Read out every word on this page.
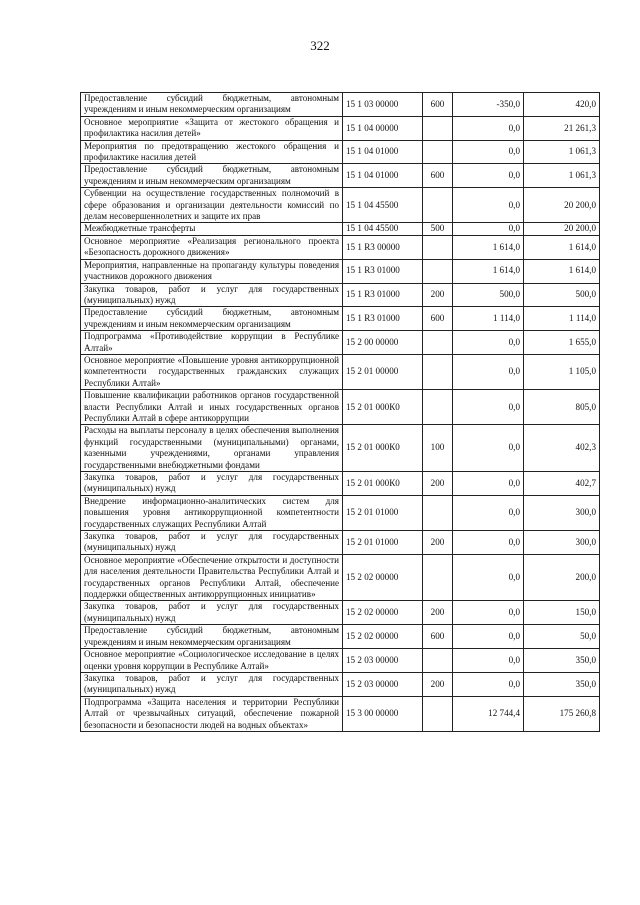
322
Предоставление субсидий бюджетным, автономным учреждениям и иным некоммерческим организациям	15 1 03 00000	600	-350,0	420,0
Основное мероприятие «Защита от жестокого обращения и профилактика насилия детей»	15 1 04 00000		0,0	21 261,3
Мероприятия по предотвращению жестокого обращения и профилактике насилия детей	15 1 04 01000		0,0	1 061,3
Предоставление субсидий бюджетным, автономным учреждениям и иным некоммерческим организациям	15 1 04 01000	600	0,0	1 061,3
Субвенции на осуществление государственных полномочий в сфере образования и организации деятельности комиссий по делам несовершеннолетних и защите их прав	15 1 04 45500		0,0	20 200,0
Межбюджетные трансферты	15 1 04 45500	500	0,0	20 200,0
Основное мероприятие «Реализация регионального проекта «Безопасность дорожного движения»	15 1 R3 00000		1 614,0	1 614,0
Мероприятия, направленные на пропаганду культуры поведения участников дорожного движения	15 1 R3 01000		1 614,0	1 614,0
Закупка товаров, работ и услуг для государственных (муниципальных) нужд	15 1 R3 01000	200	500,0	500,0
Предоставление субсидий бюджетным, автономным учреждениям и иным некоммерческим организациям	15 1 R3 01000	600	1 114,0	1 114,0
Подпрограмма «Противодействие коррупции в Республике Алтай»	15 2 00 00000		0,0	1 655,0
Основное мероприятие «Повышение уровня антикоррупционной компетентности государственных гражданских служащих Республики Алтай»	15 2 01 00000		0,0	1 105,0
Повышение квалификации работников органов государственной власти Республики Алтай и иных государственных органов Республики Алтай в сфере антикоррупции	15 2 01 000К0		0,0	805,0
Расходы на выплаты персоналу в целях обеспечения выполнения функций государственными (муниципальными) органами, казенными учреждениями, органами управления государственными внебюджетными фондами	15 2 01 000К0	100	0,0	402,3
Закупка товаров, работ и услуг для государственных (муниципальных) нужд	15 2 01 000К0	200	0,0	402,7
Внедрение информационно-аналитических систем для повышения уровня антикоррупционной компетентности государственных служащих Республики Алтай	15 2 01 01000		0,0	300,0
Закупка товаров, работ и услуг для государственных (муниципальных) нужд	15 2 01 01000	200	0,0	300,0
Основное мероприятие «Обеспечение открытости и доступности для населения деятельности Правительства Республики Алтай и государственных органов Республики Алтай, обеспечение поддержки общественных антикоррупционных инициатив»	15 2 02 00000		0,0	200,0
Закупка товаров, работ и услуг для государственных (муниципальных) нужд	15 2 02 00000	200	0,0	150,0
Предоставление субсидий бюджетным, автономным учреждениям и иным некоммерческим организациям	15 2 02 00000	600	0,0	50,0
Основное мероприятие «Социологическое исследование в целях оценки уровня коррупции в Республике Алтай»	15 2 03 00000		0,0	350,0
Закупка товаров, работ и услуг для государственных (муниципальных) нужд	15 2 03 00000	200	0,0	350,0
Подпрограмма «Защита населения и территории Республики Алтай от чрезвычайных ситуаций, обеспечение пожарной безопасности и безопасности людей на водных объектах»	15 3 00 00000		12 744,4	175 260,8
